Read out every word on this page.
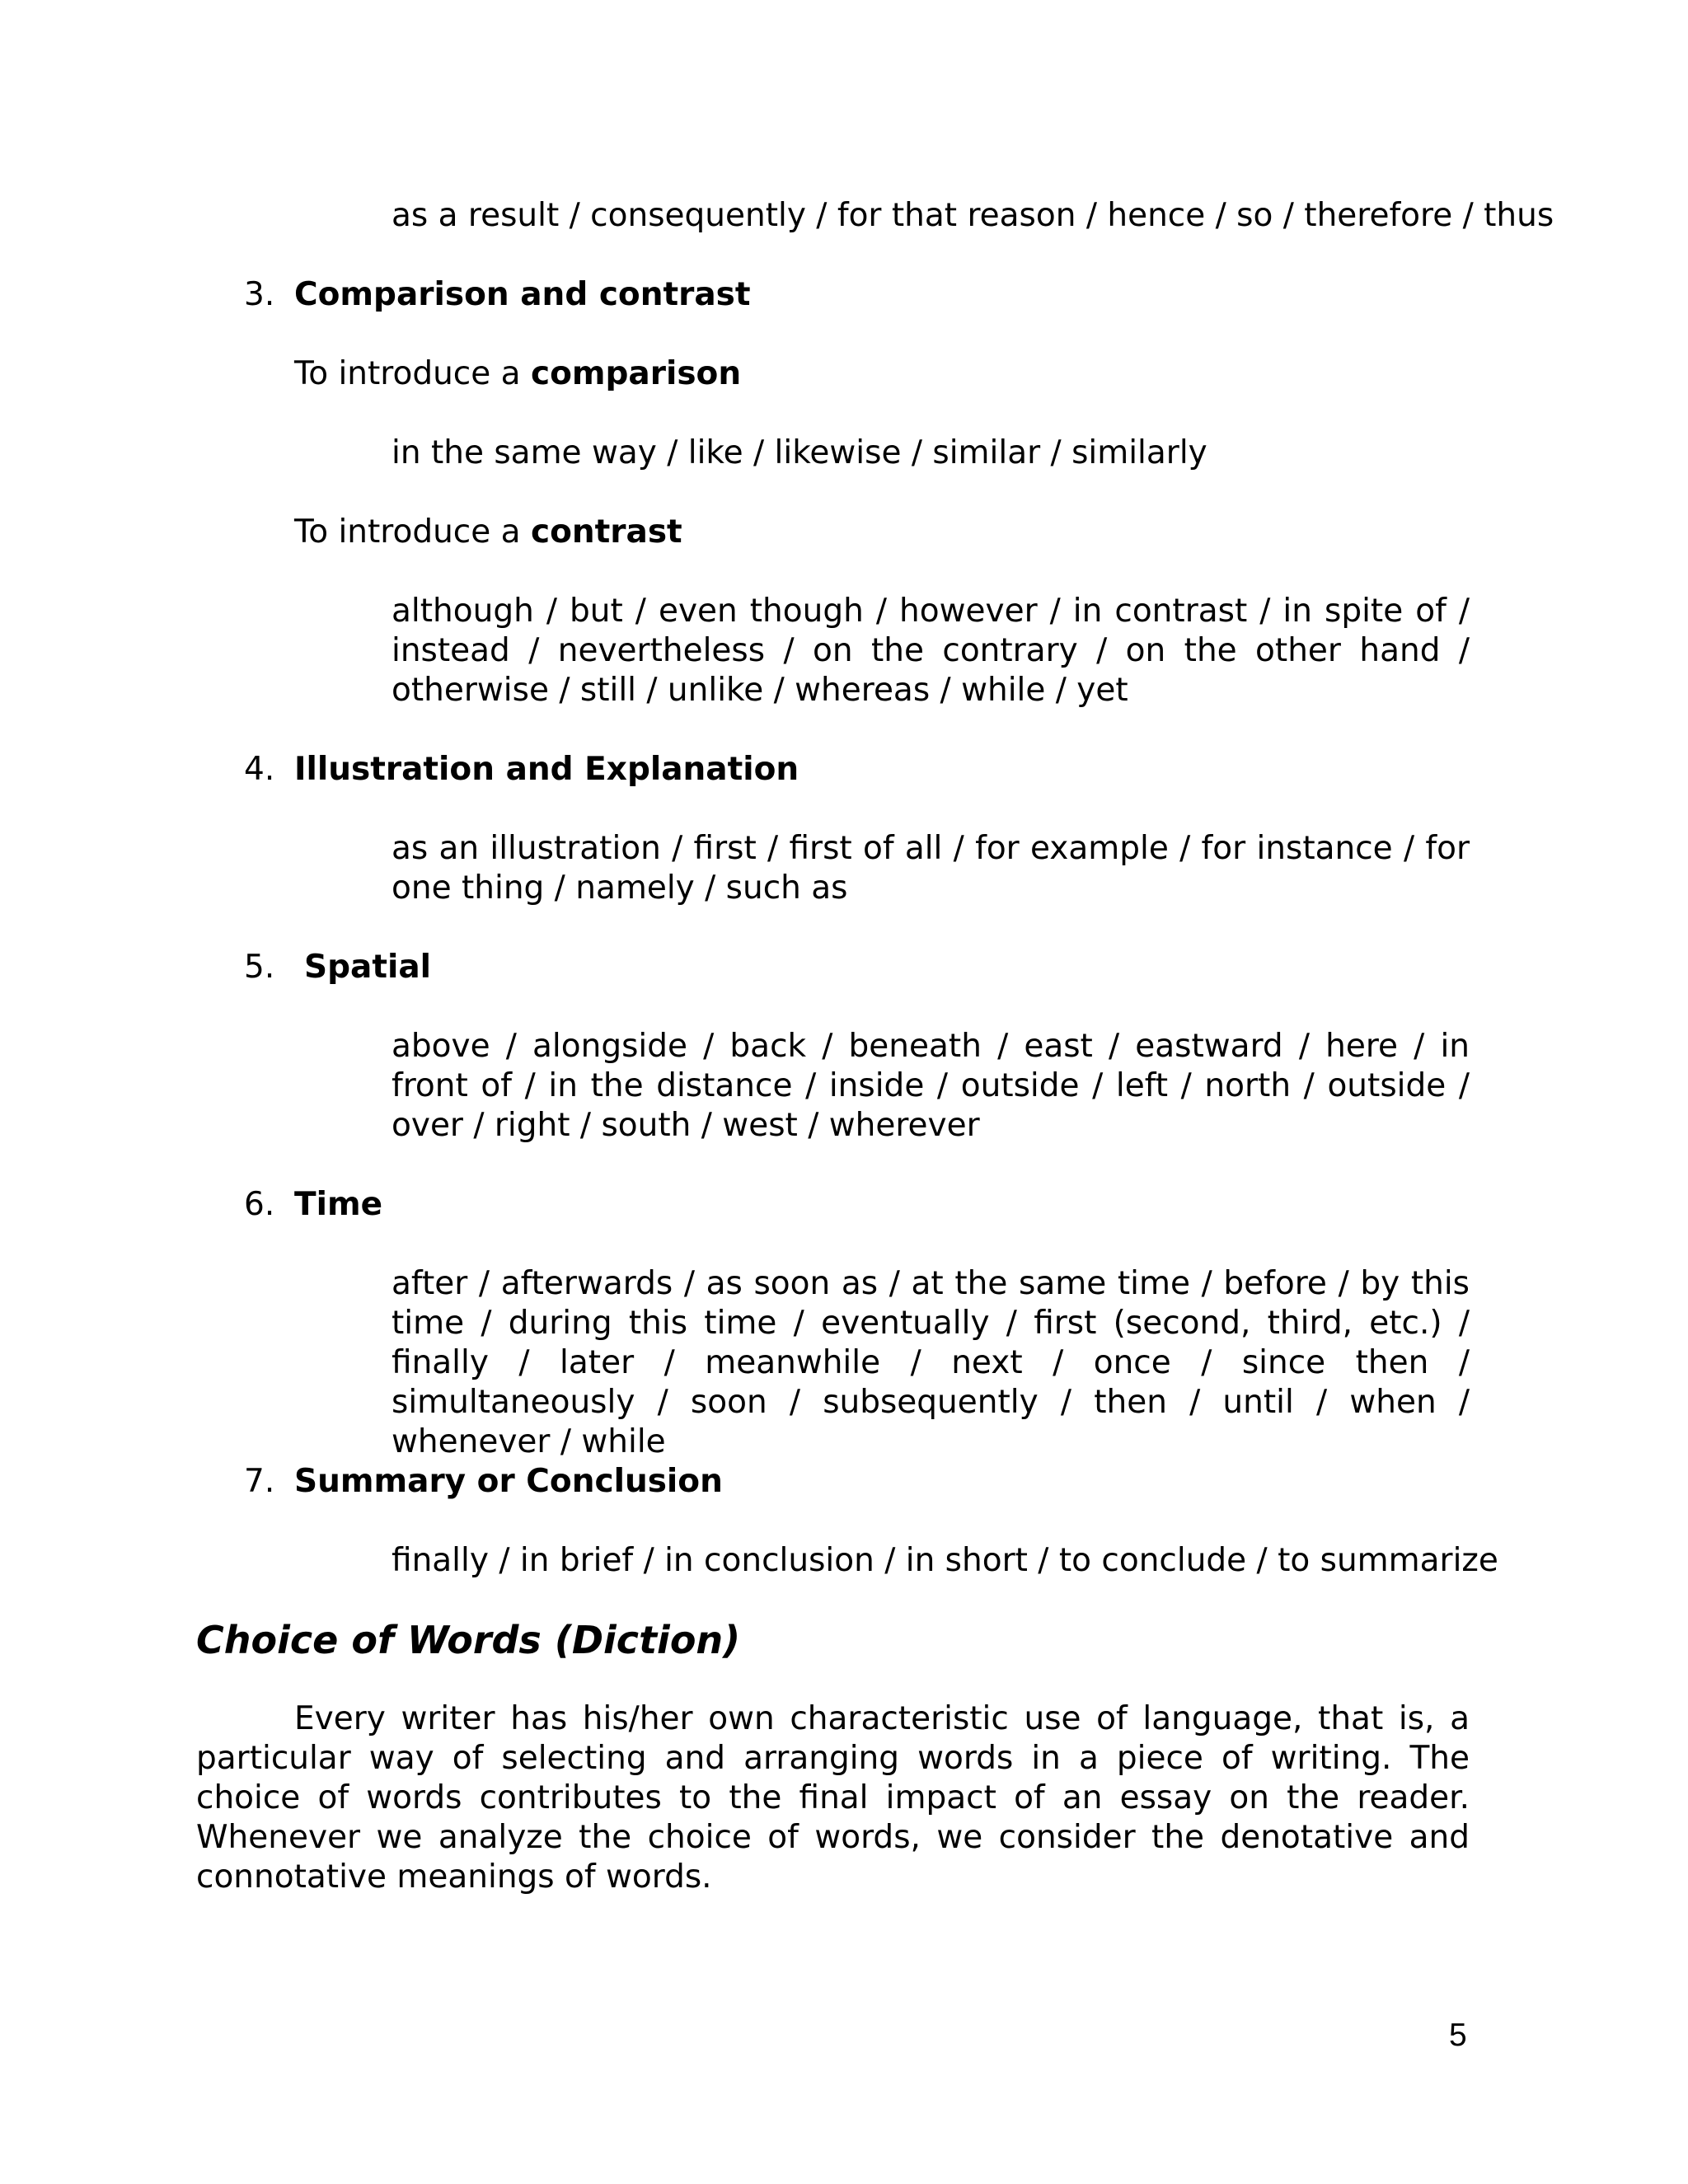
as a result / consequently / for that reason / hence / so / therefore / thus
3. Comparison and contrast
To introduce a comparison
in the same way / like / likewise / similar / similarly
To introduce a contrast
although / but / even though / however / in contrast / in spite of / instead / nevertheless / on the contrary / on the other hand / otherwise / still / unlike / whereas / while / yet
4. Illustration and Explanation
as an illustration / first / first of all / for example / for instance / for one thing / namely / such as
5. Spatial
above / alongside / back / beneath / east / eastward / here / in front of / in the distance / inside / outside / left / north / outside / over / right / south / west / wherever
6. Time
after / afterwards / as soon as / at the same time / before / by this time / during this time / eventually / first (second, third, etc.) / finally / later / meanwhile / next / once / since then / simultaneously / soon / subsequently / then / until / when / whenever / while
7. Summary or Conclusion
finally / in brief / in conclusion / in short / to conclude / to summarize
Choice of Words (Diction)
Every writer has his/her own characteristic use of language, that is, a particular way of selecting and arranging words in a piece of writing. The choice of words contributes to the final impact of an essay on the reader. Whenever we analyze the choice of words, we consider the denotative and connotative meanings of words.
5
